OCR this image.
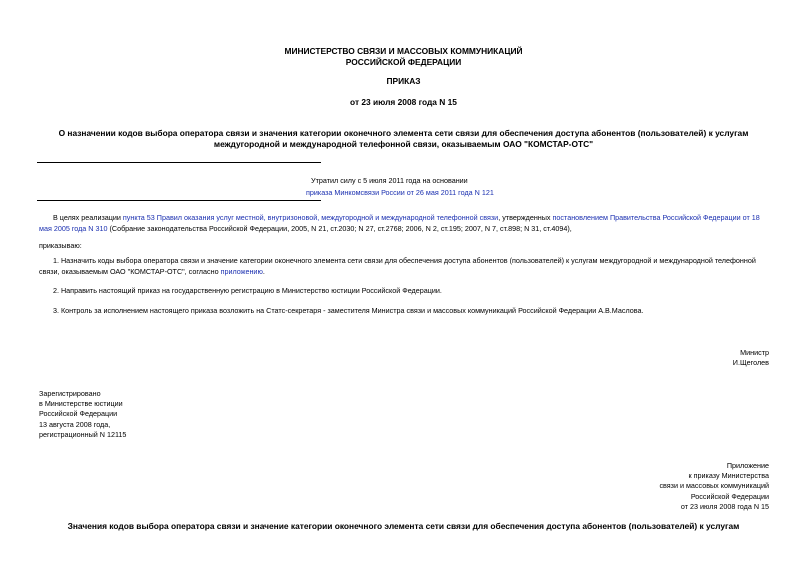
МИНИСТЕРСТВО СВЯЗИ И МАССОВЫХ КОММУНИКАЦИЙ
РОССИЙСКОЙ ФЕДЕРАЦИИ
ПРИКАЗ
от 23 июля 2008 года N 15
О назначении кодов выбора оператора связи и значения категории оконечного элемента сети связи для обеспечения доступа абонентов (пользователей) к услугам
междугородной и международной телефонной связи, оказываемым ОАО "КОМСТАР-ОТС"
Утратил силу с 5 июля 2011 года на основании
приказа Минкомсвязи России от 26 мая 2011 года N 121

В целях реализации пункта 53 Правил оказания услуг местной, внутризоновой, междугородной и международной телефонной связи, утвержденных постановлением Правительства Российской Федерации от 18 мая 2005 года N 310 (Собрание законодательства Российской Федерации, 2005, N 21, ст.2030; N 27, ст.2768; 2006, N 2, ст.195; 2007, N 7, ст.898; N 31, ст.4094),

приказываю:

1. Назначить коды выбора оператора связи и значение категории оконечного элемента сети связи для обеспечения доступа абонентов (пользователей) к услугам междугородной и международной телефонной связи, оказываемым ОАО "КОМСТАР-ОТС", согласно приложению.

2. Направить настоящий приказ на государственную регистрацию в Министерство юстиции Российской Федерации.
3. Контроль за исполнением настоящего приказа возложить на Статс-секретаря - заместителя Министра связи и массовых коммуникаций Российской Федерации А.В.Маслова.
Министр
И.Щеголев
Зарегистрировано
в Министерстве юстиции
Российской Федерации
13 августа 2008 года,
регистрационный N 12115
Приложение
к приказу Министерства
связи и массовых коммуникаций
Российской Федерации
от 23 июля 2008 года N 15
Значения кодов выбора оператора связи и значение категории оконечного элемента сети связи для обеспечения доступа абонентов (пользователей) к услугам
